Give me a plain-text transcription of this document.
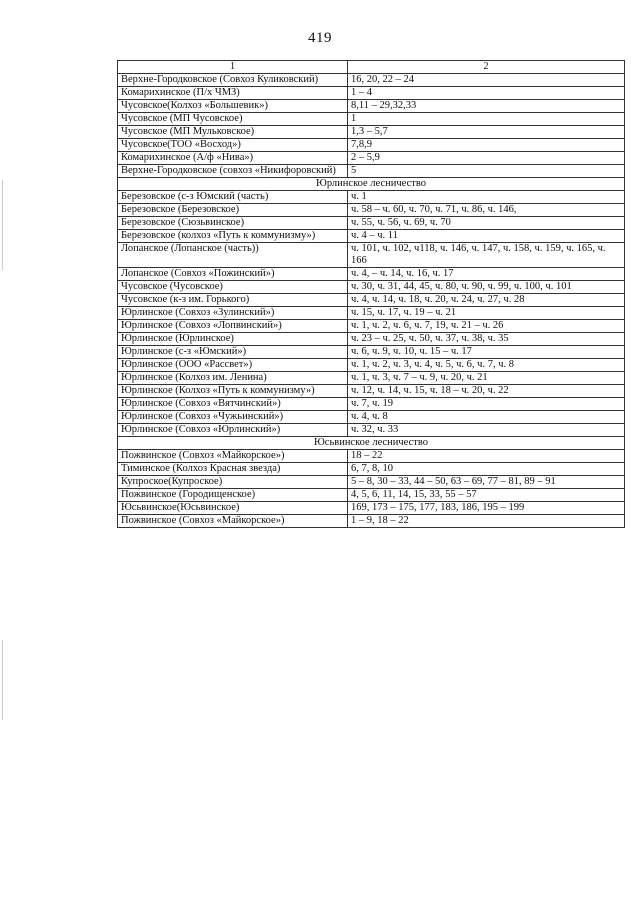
419
1	2
Верхне-Городковское (Совхоз Куликовский)	16, 20, 22 – 24
Комарихинское (П/х ЧМЗ)	1 – 4
Чусовское(Колхоз «Большевик»)	8,11 – 29,32,33
Чусовское (МП Чусовское)	1
Чусовское (МП Мульковское)	1,3 – 5,7
Чусовское(ТОО «Восход»)	7,8,9
Комарихинское (А/ф «Нива»)	2 – 5,9
Верхне-Городковское (совхоз «Никифоровский)	5
Юрлинское лесничество	
Березовское (с-з Юмский (часть)	ч. 1
Березовское (Березовское)	ч. 58 – ч. 60, ч. 70, ч. 71, ч. 86, ч. 146,
Березовское (Сюзьвинское)	ч. 55, ч. 56, ч. 69, ч. 70
Березовское (колхоз «Путь к коммунизму»)	ч. 4 – ч. 11
Лопанское (Лопанское (часть))	ч. 101, ч. 102, ч118, ч. 146, ч. 147, ч. 158, ч. 159, ч. 165, ч. 166
Лопанское (Совхоз «Пожинский»)	ч. 4, – ч. 14, ч. 16, ч. 17
Чусовское (Чусовское)	ч. 30, ч. 31, 44, 45, ч. 80, ч. 90, ч. 99, ч. 100, ч. 101
Чусовское (к-з им. Горького)	ч. 4, ч. 14, ч. 18, ч. 20, ч. 24, ч. 27, ч. 28
Юрлинское (Совхоз «Зулинский»)	ч. 15, ч. 17, ч. 19 – ч. 21
Юрлинское (Совхоз «Лопвинский»)	ч. 1, ч. 2, ч. 6, ч. 7, 19, ч. 21 – ч. 26
Юрлинское (Юрлинское)	ч. 23 – ч. 25, ч. 50, ч. 37, ч. 38, ч. 35
Юрлинское (с-з «Юмский»)	ч. 6, ч. 9, ч. 10, ч. 15 – ч. 17
Юрлинское (ООО «Рассвет»)	ч. 1, ч. 2, ч. 3, ч. 4, ч. 5, ч. 6, ч. 7, ч. 8
Юрлинское (Колхоз им. Ленина)	ч. 1, ч. 3, ч. 7 – ч. 9, ч. 20, ч. 21
Юрлинское (Колхоз «Путь к коммунизму»)	ч. 12, ч. 14, ч. 15, ч. 18 – ч. 20, ч. 22
Юрлинское (Совхоз «Вятчинский»)	ч. 7, ч. 19
Юрлинское (Совхоз «Чужьинский»)	ч. 4, ч. 8
Юрлинское (Совхоз «Юрлинский»)	ч. 32, ч. 33
Юсьвинское лесничество	
Пожвинское (Совхоз «Майкорское»)	18 – 22
Тиминское (Колхоз Красная звезда)	6, 7, 8, 10
Купроское(Купроское)	5 – 8, 30 – 33, 44 – 50, 63 – 69, 77 – 81, 89 – 91
Пожвинское (Городищенское)	4, 5, 6, 11, 14, 15, 33, 55 – 57
Юсьвинское(Юсьвинское)	169, 173 – 175, 177, 183, 186, 195 – 199
Пожвинское (Совхоз «Майкорское»)	1 – 9, 18 – 22
